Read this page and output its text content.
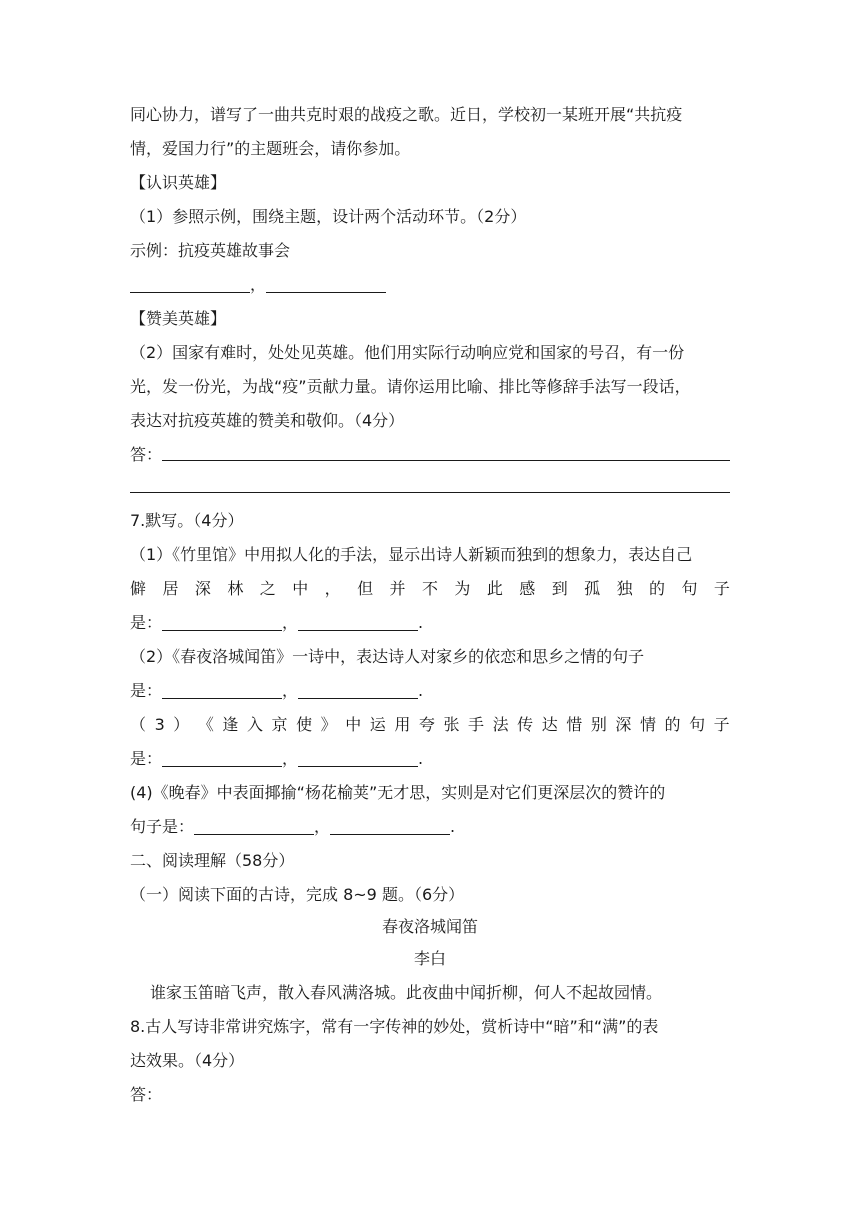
同心协力，谱写了一曲共克时艰的战疫之歌。近日，学校初一某班开展“共抗疫
情，爱国力行”的主题班会，请你参加。
【认识英雄】
（1）参照示例，围绕主题，设计两个活动环节。（2分）
示例：抗疫英雄故事会
，
【赞美英雄】
（2）国家有难时，处处见英雄。他们用实际行动响应党和国家的号召，有一份
光，发一份光，为战“疫”贡献力量。请你运用比喻、排比等修辞手法写一段话，
表达对抗疫英雄的赞美和敬仰。（4分）
答：
7.默写。（4分）
（1）《竹里馆》中用拟人化的手法，显示出诗人新颖而独到的想象力，表达自己
僻 居 深 林 之 中 ， 但 并 不 为 此 感 到 孤 独 的 句 子
是：	，	.
（2）《春夜洛城闻笛》一诗中，表达诗人对家乡的依恋和思乡之情的句子
是：	，	.
（ 3 ） 《 逢 入 京 使 》 中 运 用 夸 张 手 法 传 达 惜 别 深 情 的 句 子
是：	，	.
(4)《晚春》中表面揶揄“杨花榆荚”无才思，实则是对它们更深层次的赞许的
句子是：	，	.
二、阅读理解（58分）
（一）阅读下面的古诗，完成 8~9 题。（6分）
春夜洛城闻笛
李白
谁家玉笛暗飞声，散入春风满洛城。此夜曲中闻折柳，何人不起故园情。
8.古人写诗非常讲究炼字，常有一字传神的妙处，赏析诗中“暗”和“满”的表
达效果。（4分）
答：
